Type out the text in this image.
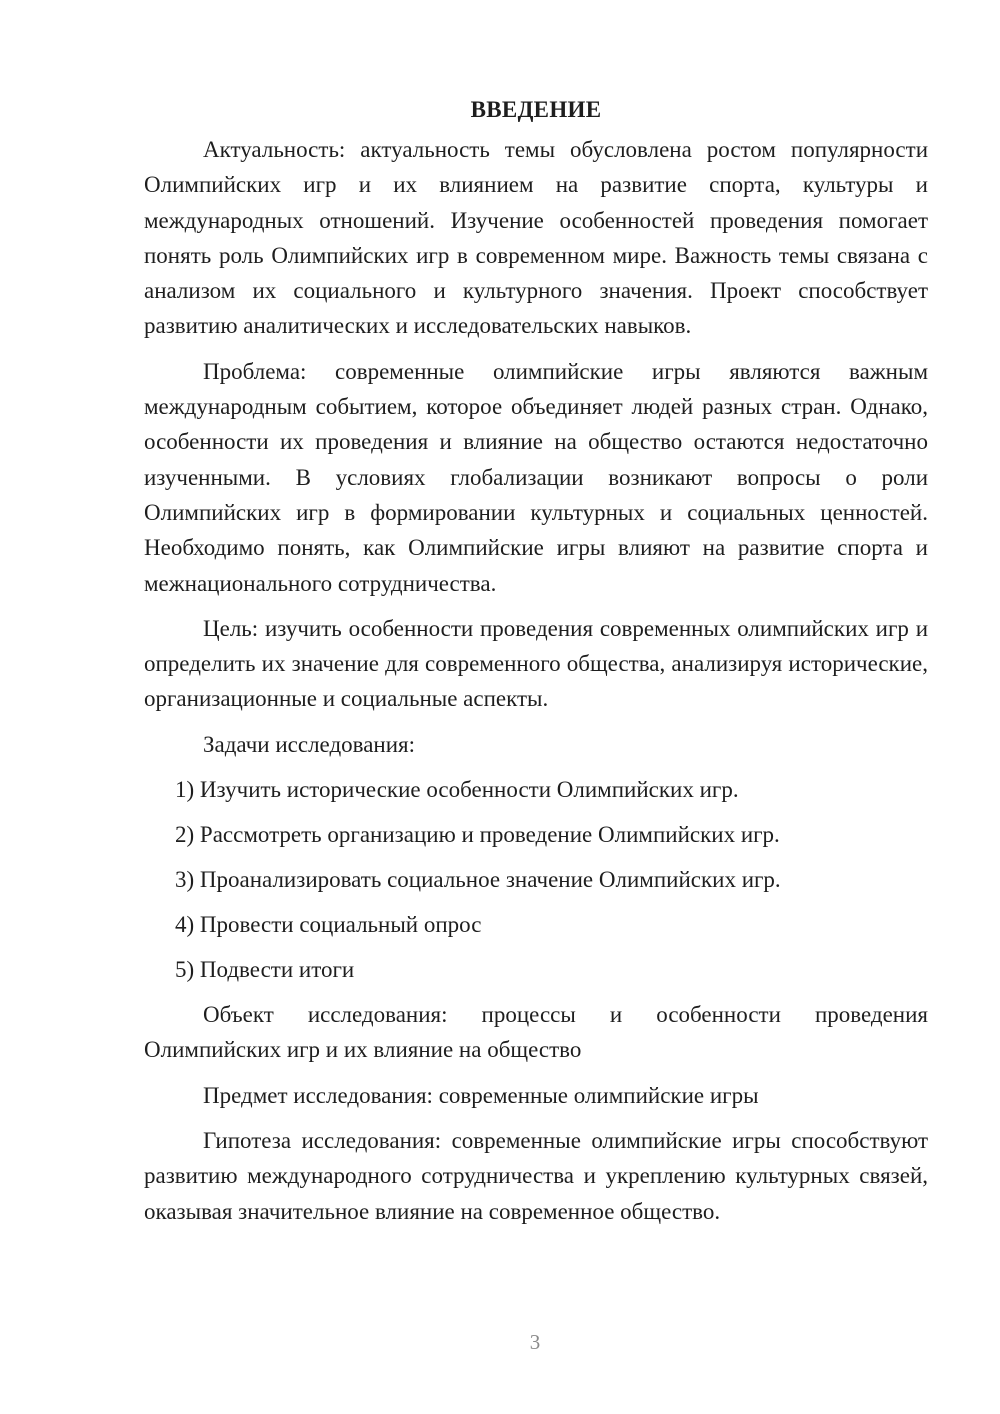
ВВЕДЕНИЕ

Актуальность: актуальность темы обусловлена ростом популярности Олимпийских игр и их влиянием на развитие спорта, культуры и международных отношений. Изучение особенностей проведения помогает понять роль Олимпийских игр в современном мире. Важность темы связана с анализом их социального и культурного значения. Проект способствует развитию аналитических и исследовательских навыков.

Проблема: современные олимпийские игры являются важным международным событием, которое объединяет людей разных стран. Однако, особенности их проведения и влияние на общество остаются недостаточно изученными. В условиях глобализации возникают вопросы о роли Олимпийских игр в формировании культурных и социальных ценностей. Необходимо понять, как Олимпийские игры влияют на развитие спорта и межнационального сотрудничества.

Цель: изучить особенности проведения современных олимпийских игр и определить их значение для современного общества, анализируя исторические, организационные и социальные аспекты.

Задачи исследования:

1) Изучить исторические особенности Олимпийских игр.
2) Рассмотреть организацию и проведение Олимпийских игр.
3) Проанализировать социальное значение Олимпийских игр.
4) Провести социальный опрос
5) Подвести итоги

Объект исследования: процессы и особенности проведения Олимпийских игр и их влияние на общество

Предмет исследования: современные олимпийские игры

Гипотеза исследования: современные олимпийские игры способствуют развитию международного сотрудничества и укреплению культурных связей, оказывая значительное влияние на современное общество.

3
